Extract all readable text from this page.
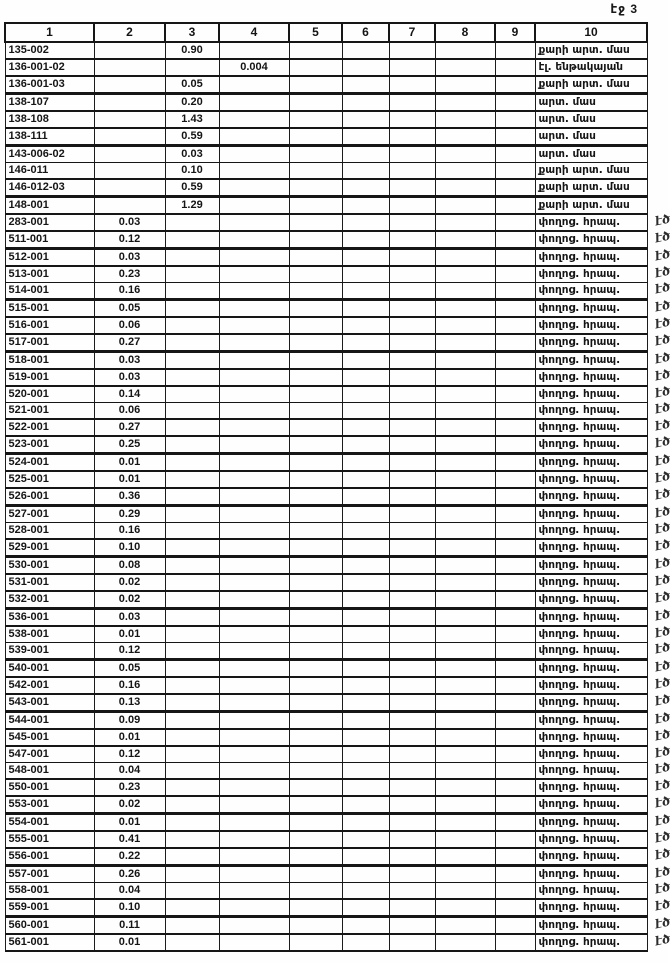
էջ 3
1	2	3	4	5	6	7	8	9	10
135-002		0.90							քարի արտ. մաս
136-001-02			0.004						էլ. ենթակայան
136-001-03		0.05							քարի արտ. մաս
138-107		0.20							արտ. մաս
138-108		1.43							արտ. մաս
138-111		0.59							արտ. մաս
143-006-02		0.03							արտ. մաս
146-011		0.10							քարի արտ. մաս
146-012-03		0.59							քարի արտ. մաս
148-001		1.29							քարի արտ. մաս
283-001	0.03								փողոց. հրապ. էծ

511-001	0.12								փողոց. հրապ. էծ

512-001	0.03								փողոց. հրապ. էծ

513-001	0.23								փողոց. հրապ. էծ

514-001	0.16								փողոց. հրապ. էծ

515-001	0.05								փողոց. հրապ. էծ

516-001	0.06								փողոց. հրապ. էծ

517-001	0.27								փողոց. հրապ. էծ

518-001	0.03								փողոց. հրապ. էծ

519-001	0.03								փողոց. հրապ. էծ

520-001	0.14								փողոց. հրապ. էծ

521-001	0.06								փողոց. հրապ. էծ

522-001	0.27								փողոց. հրապ. էծ

523-001	0.25								փողոց. հրապ. էծ

524-001	0.01								փողոց. հրապ. էծ

525-001	0.01								փողոց. հրապ. էծ

526-001	0.36								փողոց. հրապ. էծ

527-001	0.29								փողոց. հրապ. էծ

528-001	0.16								փողոց. հրապ. էծ

529-001	0.10								փողոց. հրապ. էծ

530-001	0.08								փողոց. հրապ. էծ

531-001	0.02								փողոց. հրապ. էծ

532-001	0.02								փողոց. հրապ. էծ

536-001	0.03								փողոց. հրապ. էծ

538-001	0.01								փողոց. հրապ. էծ

539-001	0.12								փողոց. հրապ. էծ

540-001	0.05								փողոց. հրապ. էծ

542-001	0.16								փողոց. հրապ. էծ

543-001	0.13								փողոց. հրապ. էծ

544-001	0.09								փողոց. հրապ. էծ

545-001	0.01								փողոց. հրապ. էծ

547-001	0.12								փողոց. հրապ. էծ

548-001	0.04								փողոց. հրապ. էծ

550-001	0.23								փողոց. հրապ. էծ

553-001	0.02								փողոց. հրապ. էծ

554-001	0.01								փողոց. հրապ. էծ

555-001	0.41								փողոց. հրապ. էծ

556-001	0.22								փողոց. հրապ. էծ

557-001	0.26								փողոց. հրապ. էծ

558-001	0.04								փողոց. հրապ. էծ

559-001	0.10								փողոց. հրապ. էծ

560-001	0.11								փողոց. հրապ. էծ

561-001	0.01								փողոց. հրապ. էծ
